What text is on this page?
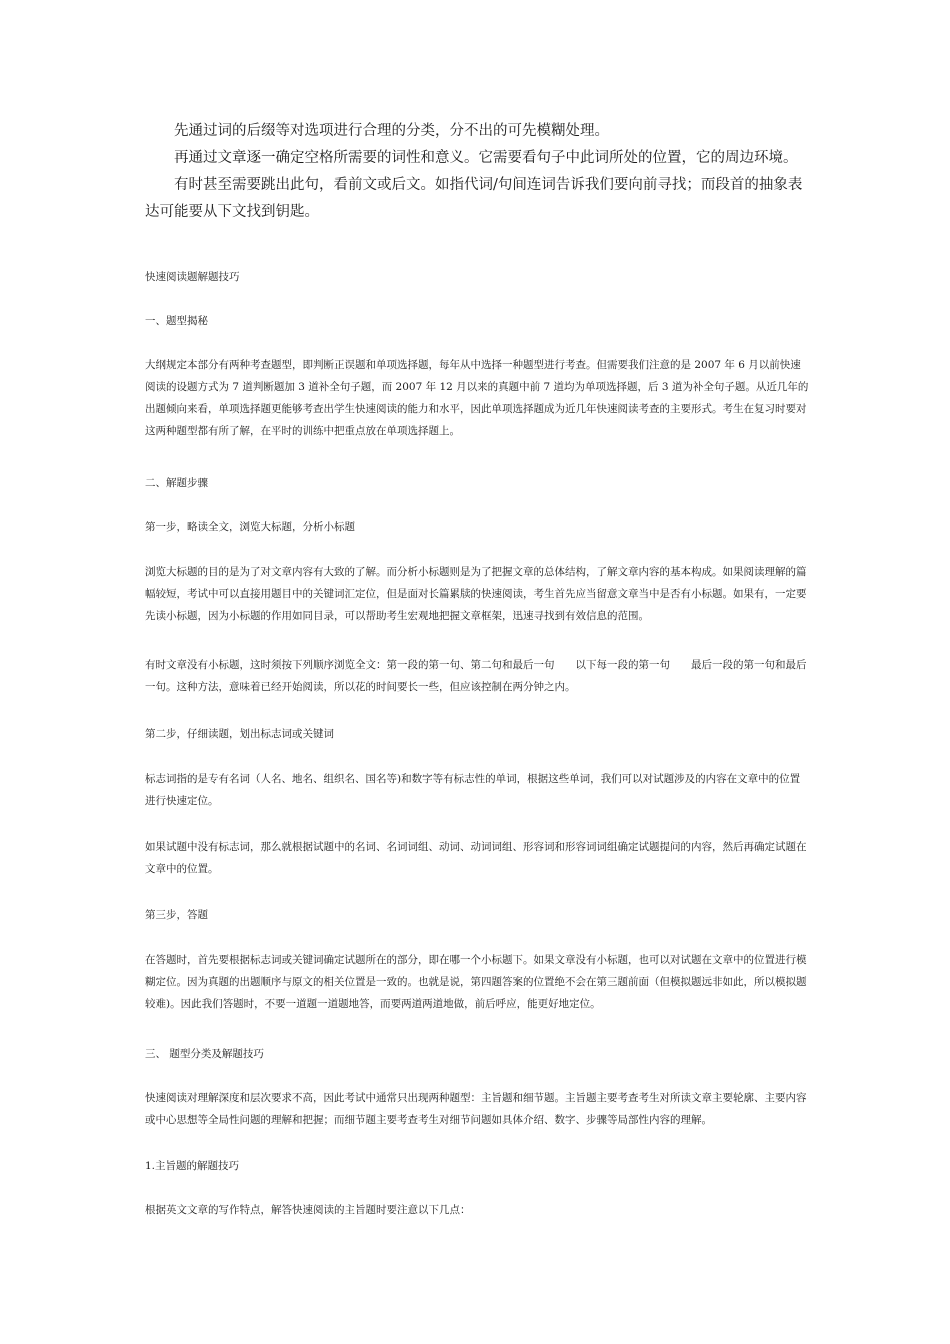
先通过词的后缀等对选项进行合理的分类，分不出的可先模糊处理。

再通过文章逐一确定空格所需要的词性和意义。它需要看句子中此词所处的位置，它的周边环境。

有时甚至需要跳出此句，看前文或后文。如指代词/句间连词告诉我们要向前寻找；而段首的抽象表达可能要从下文找到钥匙。

快速阅读题解题技巧

一、题型揭秘

大纲规定本部分有两种考查题型，即判断正误题和单项选择题，每年从中选择一种题型进行考查。但需要我们注意的是 2007 年 6 月以前快速阅读的设题方式为 7 道判断题加 3 道补全句子题，而 2007 年 12 月以来的真题中前 7 道均为单项选择题，后 3 道为补全句子题。从近几年的出题倾向来看，单项选择题更能够考查出学生快速阅读的能力和水平，因此单项选择题成为近几年快速阅读考查的主要形式。考生在复习时要对这两种题型都有所了解，在平时的训练中把重点放在单项选择题上。

二、解题步骤

第一步，略读全文，浏览大标题，分析小标题

浏览大标题的目的是为了对文章内容有大致的了解。而分析小标题则是为了把握文章的总体结构，了解文章内容的基本构成。如果阅读理解的篇幅较短，考试中可以直接用题目中的关键词汇定位，但是面对长篇累牍的快速阅读，考生首先应当留意文章当中是否有小标题。如果有，一定要先读小标题，因为小标题的作用如同目录，可以帮助考生宏观地把握文章框架，迅速寻找到有效信息的范围。

有时文章没有小标题，这时须按下列顺序浏览全文：第一段的第一句、第二句和最后一句　　以下每一段的第一句　　最后一段的第一句和最后一句。这种方法，意味着已经开始阅读，所以花的时间要长一些，但应该控制在两分钟之内。

第二步，仔细读题，划出标志词或关键词

标志词指的是专有名词（人名、地名、组织名、国名等)和数字等有标志性的单词，根据这些单词，我们可以对试题涉及的内容在文章中的位置进行快速定位。

如果试题中没有标志词，那么就根据试题中的名词、名词词组、动词、动词词组、形容词和形容词词组确定试题提问的内容，然后再确定试题在文章中的位置。

第三步，答题

在答题时，首先要根据标志词或关键词确定试题所在的部分，即在哪一个小标题下。如果文章没有小标题，也可以对试题在文章中的位置进行模糊定位。因为真题的出题顺序与原文的相关位置是一致的。也就是说，第四题答案的位置绝不会在第三题前面（但模拟题远非如此，所以模拟题较难)。因此我们答题时，不要一道题一道题地答，而要两道两道地做，前后呼应，能更好地定位。

三、 题型分类及解题技巧

快速阅读对理解深度和层次要求不高，因此考试中通常只出现两种题型：主旨题和细节题。主旨题主要考查考生对所读文章主要轮廓、主要内容或中心思想等全局性问题的理解和把握；而细节题主要考查考生对细节问题如具体介绍、数字、步骤等局部性内容的理解。

1.主旨题的解题技巧

根据英文文章的写作特点，解答快速阅读的主旨题时要注意以下几点：
